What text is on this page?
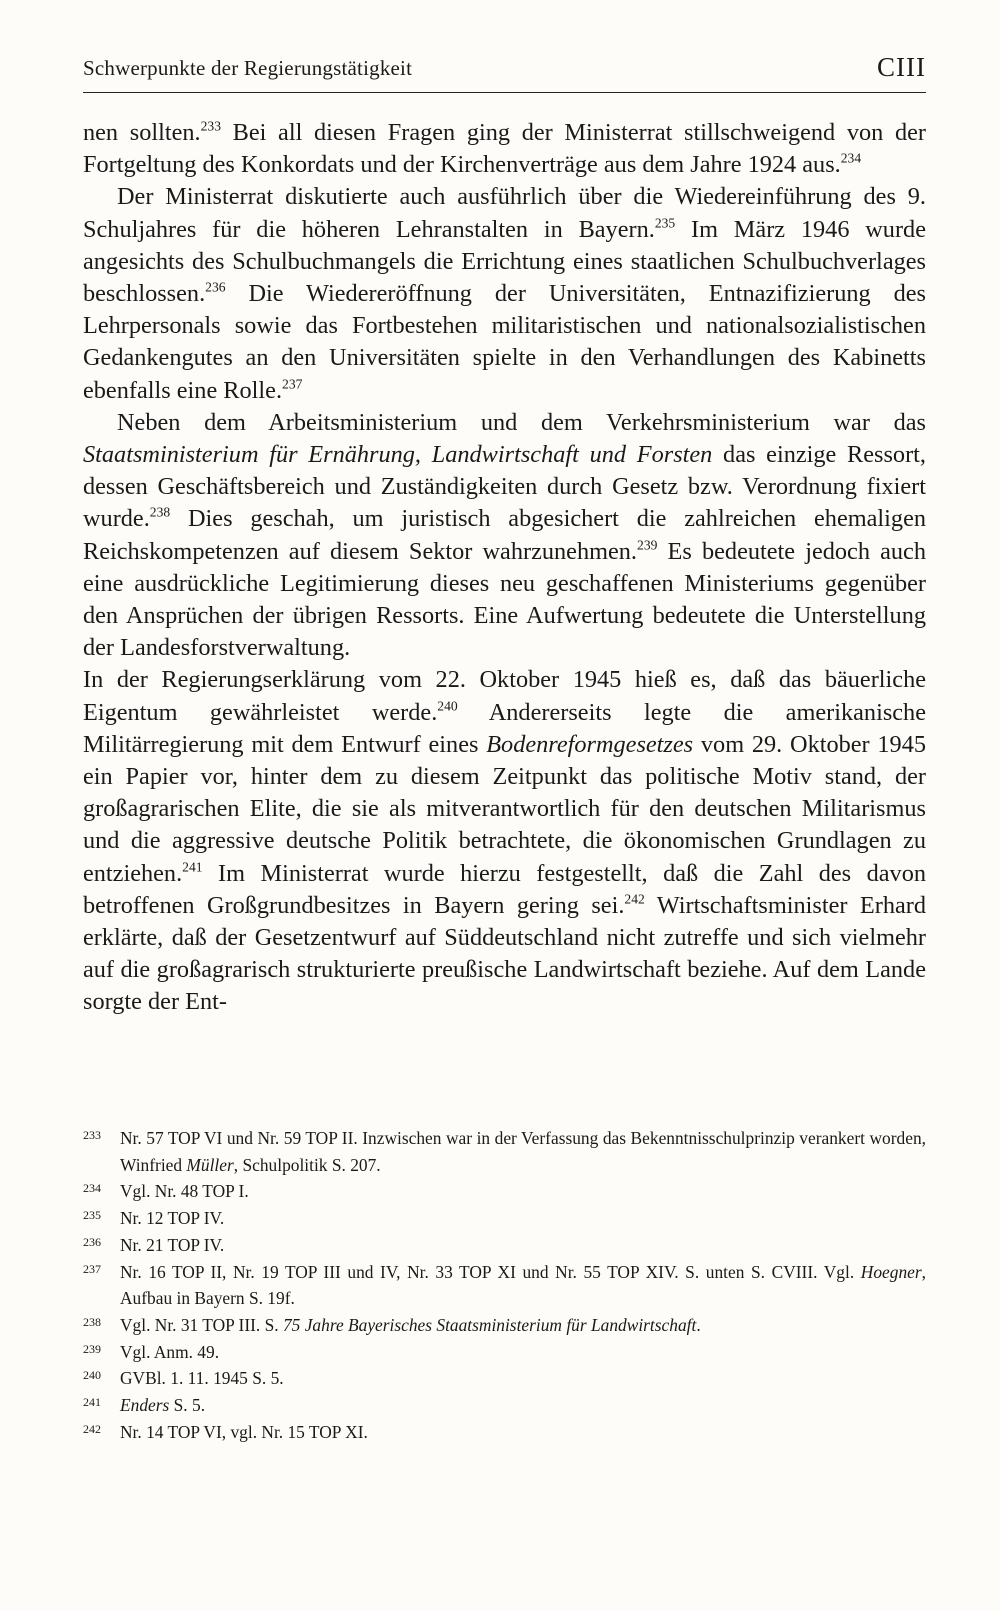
Schwerpunkte der Regierungstätigkeit	CIII

nen sollten.$^{233}$ Bei all diesen Fragen ging der Ministerrat stillschweigend von der Fortgeltung des Konkordats und der Kirchenverträge aus dem Jahre 1924 aus.$^{234}$

Der Ministerrat diskutierte auch ausführlich über die Wiedereinführung des 9. Schuljahres für die höheren Lehranstalten in Bayern.$^{235}$ Im März 1946 wurde angesichts des Schulbuchmangels die Errichtung eines staatlichen Schulbuchverlages beschlossen.$^{236}$ Die Wiedereröffnung der Universitäten, Entnazifizierung des Lehrpersonals sowie das Fortbestehen militaristischen und nationalsozialistischen Gedankengutes an den Universitäten spielte in den Verhandlungen des Kabinetts ebenfalls eine Rolle.$^{237}$

Neben dem Arbeitsministerium und dem Verkehrsministerium war das Staatsministerium für Ernährung, Landwirtschaft und Forsten das einzige Ressort, dessen Geschäftsbereich und Zuständigkeiten durch Gesetz bzw. Verordnung fixiert wurde.$^{238}$ Dies geschah, um juristisch abgesichert die zahlreichen ehemaligen Reichskompetenzen auf diesem Sektor wahrzunehmen.$^{239}$ Es bedeutete jedoch auch eine ausdrückliche Legitimierung dieses neu geschaffenen Ministeriums gegenüber den Ansprüchen der übrigen Ressorts. Eine Aufwertung bedeutete die Unterstellung der Landesforstverwaltung.

In der Regierungserklärung vom 22. Oktober 1945 hieß es, daß das bäuerliche Eigentum gewährleistet werde.$^{240}$ Andererseits legte die amerikanische Militärregierung mit dem Entwurf eines Bodenreformgesetzes vom 29. Oktober 1945 ein Papier vor, hinter dem zu diesem Zeitpunkt das politische Motiv stand, der großagrarischen Elite, die sie als mitverantwortlich für den deutschen Militarismus und die aggressive deutsche Politik betrachtete, die ökonomischen Grundlagen zu entziehen.$^{241}$ Im Ministerrat wurde hierzu festgestellt, daß die Zahl des davon betroffenen Großgrundbesitzes in Bayern gering sei.$^{242}$ Wirtschaftsminister Erhard erklärte, daß der Gesetzentwurf auf Süddeutschland nicht zutreffe und sich vielmehr auf die großagrarisch strukturierte preußische Landwirtschaft beziehe. Auf dem Lande sorgte der Ent-

233 Nr. 57 TOP VI und Nr. 59 TOP II. Inzwischen war in der Verfassung das Bekenntnisschulprinzip verankert worden, Winfried Müller, Schulpolitik S. 207.
234 Vgl. Nr. 48 TOP I.
235 Nr. 12 TOP IV.
236 Nr. 21 TOP IV.
237 Nr. 16 TOP II, Nr. 19 TOP III und IV, Nr. 33 TOP XI und Nr. 55 TOP XIV. S. unten S. CVIII. Vgl. Hoegner, Aufbau in Bayern S. 19f.
238 Vgl. Nr. 31 TOP III. S. 75 Jahre Bayerisches Staatsministerium für Landwirtschaft.
239 Vgl. Anm. 49.
240 GVBl. 1. 11. 1945 S. 5.
241 Enders S. 5.
242 Nr. 14 TOP VI, vgl. Nr. 15 TOP XI.
